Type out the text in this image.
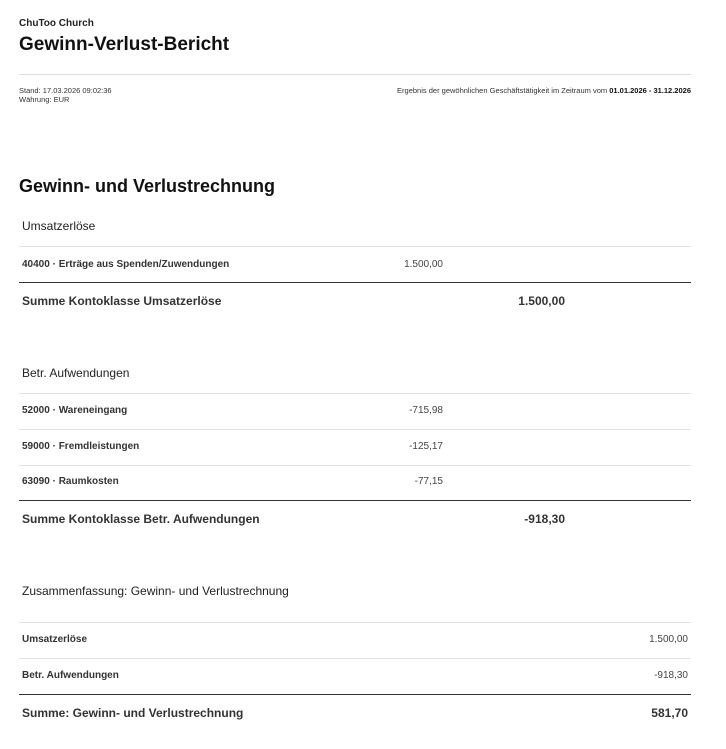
ChuToo Church

Gewinn-Verlust-Bericht
Stand: 17.03.2026 09:02:36
Währung: EUR
Ergebnis der gewöhnlichen Geschäftstätigkeit im Zeitraum vom 01.01.2026 - 31.12.2026
Gewinn- und Verlustrechnung
Umsatzerlöse
40400 · Erträge aus Spenden/Zuwendungen	1.500,00
Summe Kontoklasse Umsatzerlöse	1.500,00
Betr. Aufwendungen
52000 · Wareneingang	-715,98
59000 · Fremdleistungen	-125,17
63090 · Raumkosten	-77,15
Summe Kontoklasse Betr. Aufwendungen	-918,30
Zusammenfassung: Gewinn- und Verlustrechnung
Umsatzerlöse	1.500,00
Betr. Aufwendungen	-918,30
Summe: Gewinn- und Verlustrechnung	581,70
